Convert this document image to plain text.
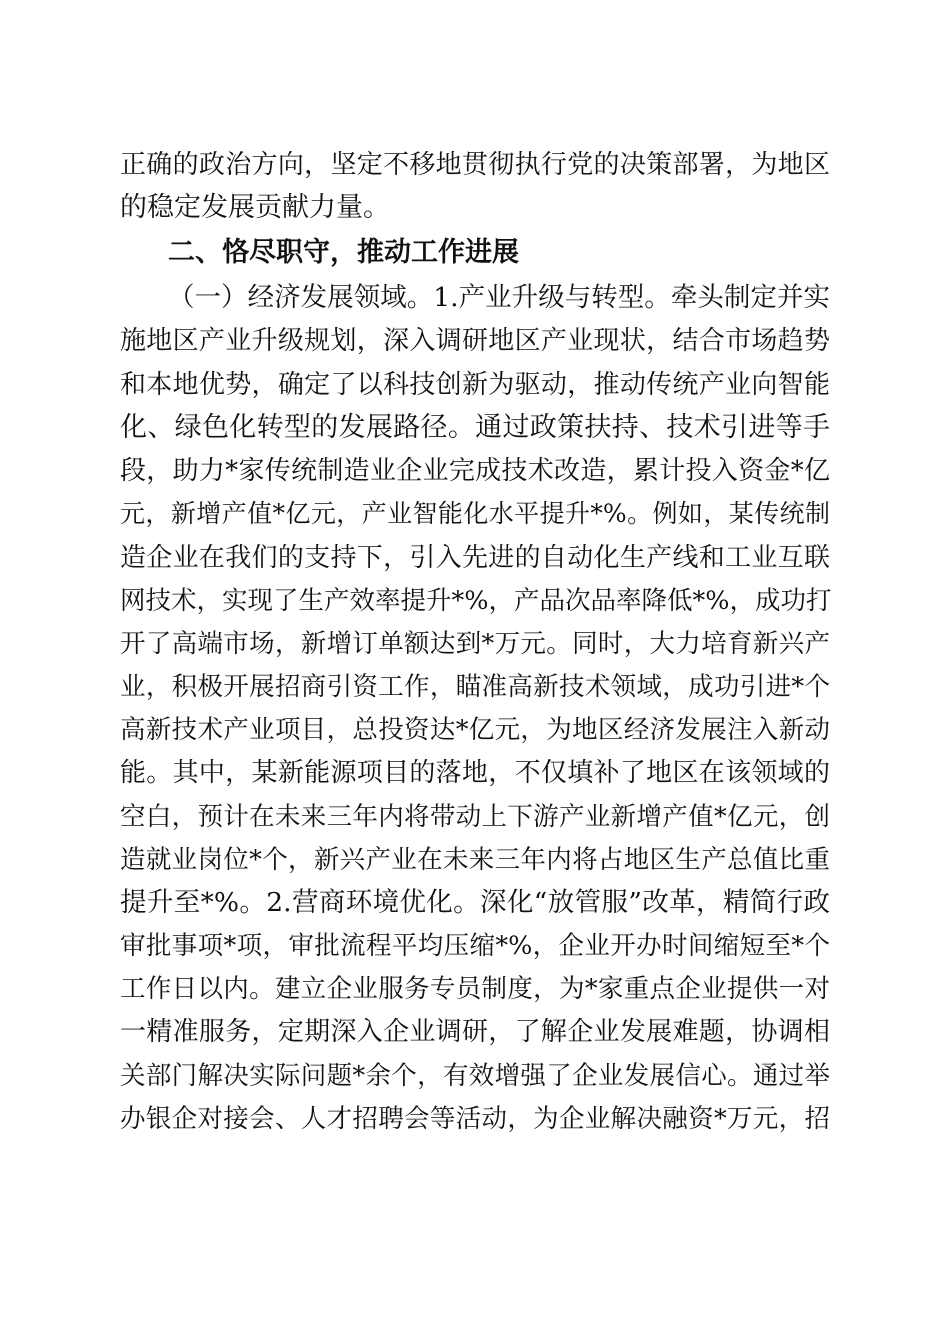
正确的政治方向，坚定不移地贯彻执行党的决策部署，为地区
的稳定发展贡献力量。
二、恪尽职守，推动工作进展
（一）经济发展领域。1.产业升级与转型。牵头制定并实
施地区产业升级规划，深入调研地区产业现状，结合市场趋势
和本地优势，确定了以科技创新为驱动，推动传统产业向智能
化、绿色化转型的发展路径。通过政策扶持、技术引进等手
段，助力*家传统制造业企业完成技术改造，累计投入资金*亿
元，新增产值*亿元，产业智能化水平提升*%。例如，某传统制
造企业在我们的支持下，引入先进的自动化生产线和工业互联
网技术，实现了生产效率提升*%，产品次品率降低*%，成功打
开了高端市场，新增订单额达到*万元。同时，大力培育新兴产
业，积极开展招商引资工作，瞄准高新技术领域，成功引进*个
高新技术产业项目，总投资达*亿元，为地区经济发展注入新动
能。其中，某新能源项目的落地，不仅填补了地区在该领域的
空白，预计在未来三年内将带动上下游产业新增产值*亿元，创
造就业岗位*个，新兴产业在未来三年内将占地区生产总值比重
提升至*%。2.营商环境优化。深化“放管服”改革，精简行政
审批事项*项，审批流程平均压缩*%，企业开办时间缩短至*个
工作日以内。建立企业服务专员制度，为*家重点企业提供一对
一精准服务，定期深入企业调研，了解企业发展难题，协调相
关部门解决实际问题*余个，有效增强了企业发展信心。通过举
办银企对接会、人才招聘会等活动，为企业解决融资*万元，招
